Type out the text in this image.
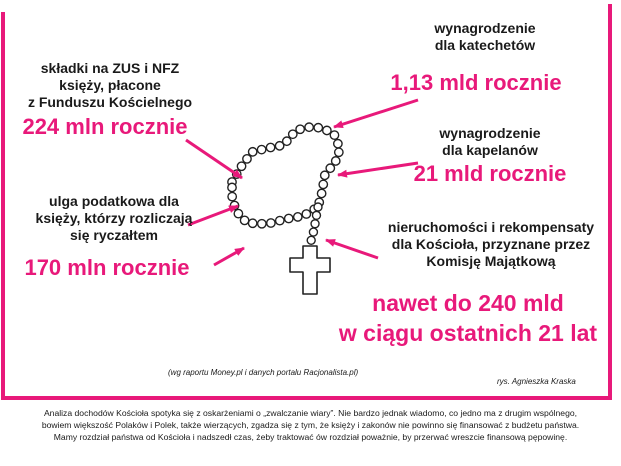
składki na ZUS i NFZ
księży, płacone
z Funduszu Kościelnego
224 mln rocznie
ulga podatkowa dla
księży, którzy rozliczają
się ryczałtem
170 mln rocznie
wynagrodzenie
dla katechetów
1,13 mld rocznie
wynagrodzenie
dla kapelanów
21 mld rocznie
nieruchomości i rekompensaty
dla Kościoła, przyznane przez
Komisję Majątkową
nawet do 240 mld
w ciągu ostatnich 21 lat
(wg raportu Money.pl i danych portalu Racjonalista.pl)
rys. Agnieszka Kraska
Analiza dochodów Kościoła spotyka się z oskarżeniami o „zwalczanie wiary”. Nie bardzo jednak wiadomo, co jedno ma z drugim wspólnego,
bowiem większość Polaków i Polek, także wierzących, zgadza się z tym, że księży i zakonów nie powinno się finansować z budżetu państwa.
Mamy rozdział państwa od Kościoła i nadszedł czas, żeby traktować ów rozdział poważnie, by przerwać wreszcie finansową pępowinę.
